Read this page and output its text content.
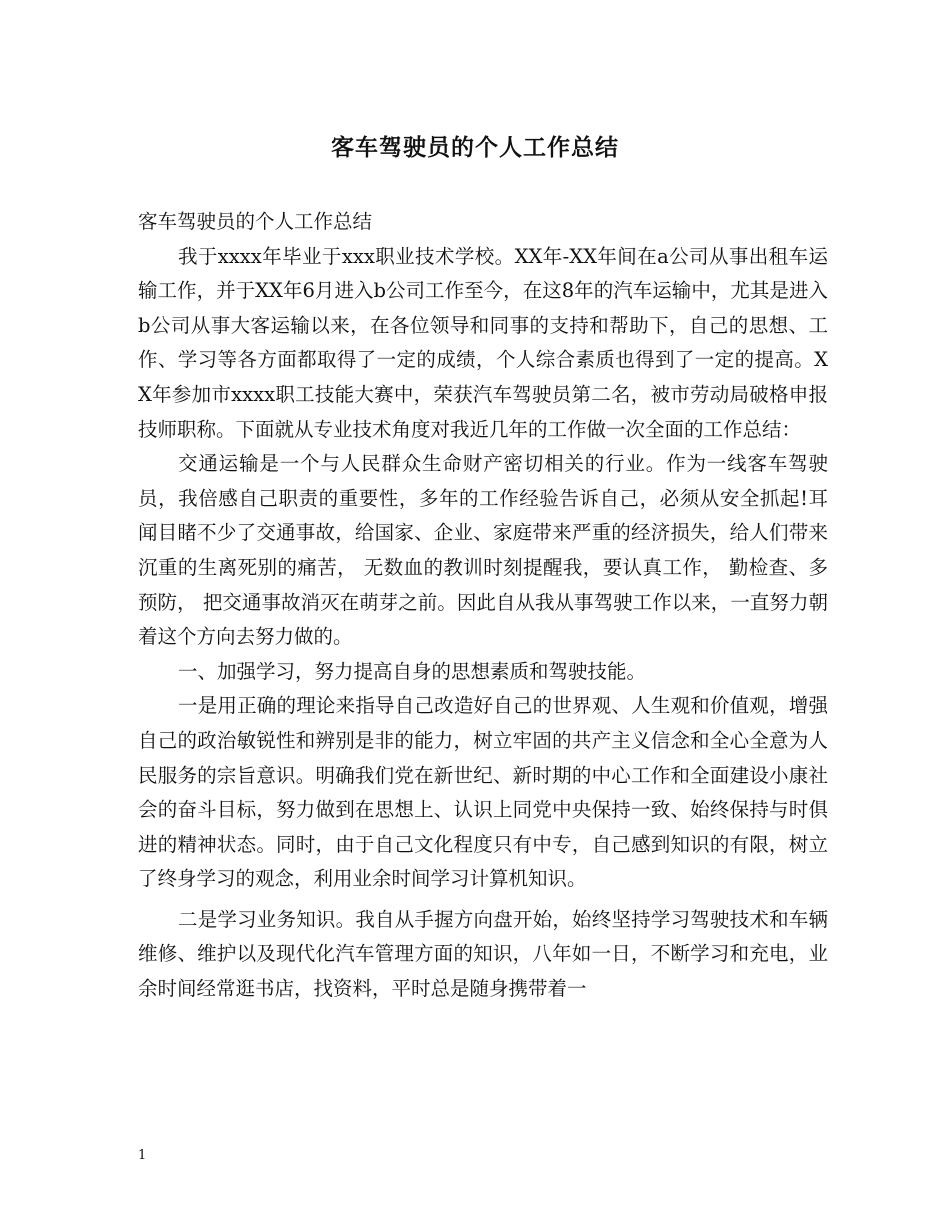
客车驾驶员的个人工作总结

客车驾驶员的个人工作总结

我于xxxx年毕业于xxx职业技术学校。XX年-XX年间在a公司从事出租车运输工作，并于XX年6月进入b公司工作至今，在这8年的汽车运输中，尤其是进入b公司从事大客运输以来，在各位领导和同事的支持和帮助下，自己的思想、工作、学习等各方面都取得了一定的成绩，个人综合素质也得到了一定的提高。XX年参加市xxxx职工技能大赛中，荣获汽车驾驶员第二名，被市劳动局破格申报技师职称。下面就从专业技术角度对我近几年的工作做一次全面的工作总结：

交通运输是一个与人民群众生命财产密切相关的行业。作为一线客车驾驶员，我倍感自己职责的重要性，多年的工作经验告诉自己，必须从安全抓起!耳闻目睹不少了交通事故，给国家、企业、家庭带来严重的经济损失，给人们带来沉重的生离死别的痛苦， 无数血的教训时刻提醒我，要认真工作， 勤检查、多预防， 把交通事故消灭在萌芽之前。因此自从我从事驾驶工作以来，一直努力朝着这个方向去努力做的。

一、加强学习，努力提高自身的思想素质和驾驶技能。

一是用正确的理论来指导自己改造好自己的世界观、人生观和价值观，增强自己的政治敏锐性和辨别是非的能力，树立牢固的共产主义信念和全心全意为人民服务的宗旨意识。明确我们党在新世纪、新时期的中心工作和全面建设小康社会的奋斗目标，努力做到在思想上、认识上同党中央保持一致、始终保持与时俱进的精神状态。同时，由于自己文化程度只有中专，自己感到知识的有限，树立了终身学习的观念，利用业余时间学习计算机知识。

二是学习业务知识。我自从手握方向盘开始，始终坚持学习驾驶技术和车辆维修、维护以及现代化汽车管理方面的知识，八年如一日，不断学习和充电，业余时间经常逛书店，找资料，平时总是随身携带着一

1
